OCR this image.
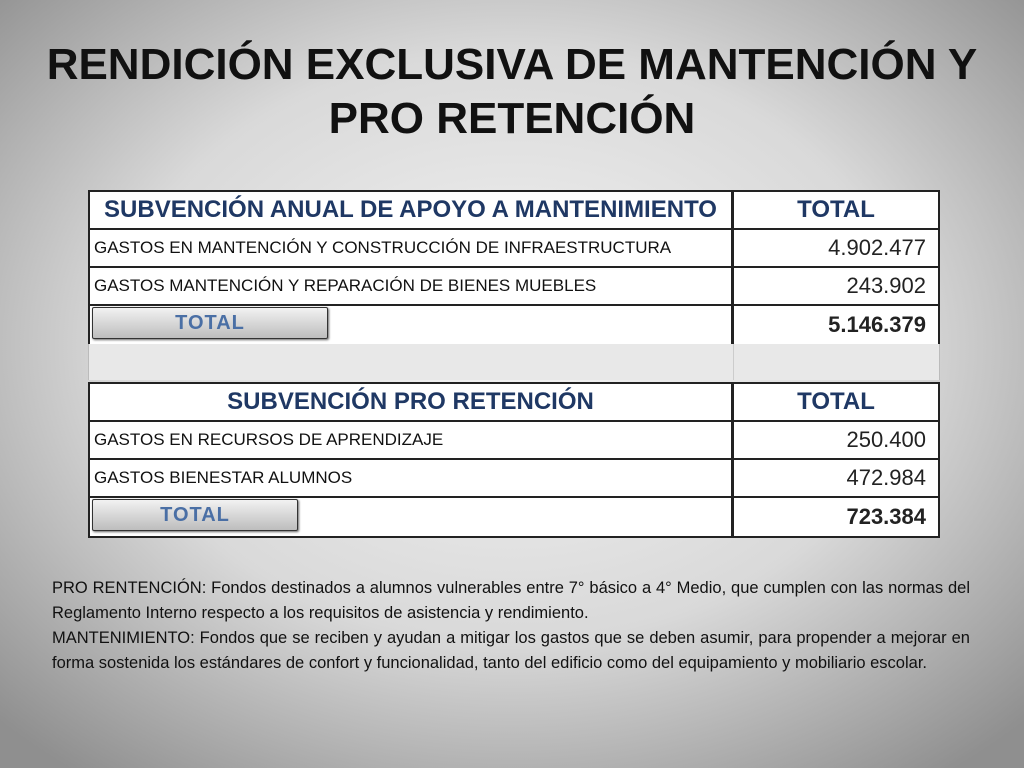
RENDICIÓN EXCLUSIVA DE MANTENCIÓN Y PRO RETENCIÓN
SUBVENCIÓN ANUAL DE APOYO A MANTENIMIENTO	TOTAL
GASTOS EN MANTENCIÓN Y CONSTRUCCIÓN DE INFRAESTRUCTURA	4.902.477
GASTOS MANTENCIÓN Y REPARACIÓN DE BIENES MUEBLES	243.902
TOTAL	5.146.379
SUBVENCIÓN PRO RETENCIÓN	TOTAL
GASTOS EN RECURSOS DE APRENDIZAJE	250.400
GASTOS BIENESTAR ALUMNOS	472.984
TOTAL	723.384

PRO RENTENCIÓN: Fondos destinados a alumnos vulnerables entre 7° básico a 4° Medio, que cumplen con las normas del Reglamento Interno respecto a los requisitos de asistencia y rendimiento.

MANTENIMIENTO: Fondos que se reciben y ayudan a mitigar los gastos que se deben asumir, para propender a mejorar en forma sostenida los estándares de confort y funcionalidad, tanto del edificio como del equipamiento y mobiliario escolar.
